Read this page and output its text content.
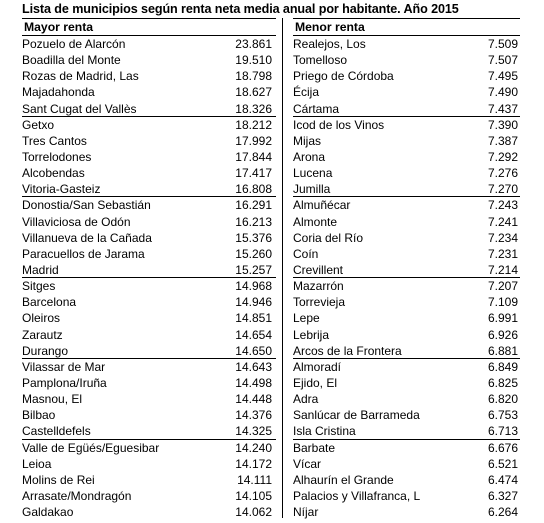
Lista de municipios según renta neta media anual por habitante. Año 2015
Mayor renta
Pozuelo de Alarcón	23.861
Boadilla del Monte	19.510
Rozas de Madrid, Las	18.798
Majadahonda	18.627
Sant Cugat del Vallès	18.326
Getxo	18.212
Tres Cantos	17.992
Torrelodones	17.844
Alcobendas	17.417
Vitoria-Gasteiz	16.808
Donostia/San Sebastián	16.291
Villaviciosa de Odón	16.213
Villanueva de la Cañada	15.376
Paracuellos de Jarama	15.260
Madrid	15.257
Sitges	14.968
Barcelona	14.946
Oleiros	14.851
Zarautz	14.654
Durango	14.650
Vilassar de Mar	14.643
Pamplona/Iruña	14.498
Masnou, El	14.448
Bilbao	14.376
Castelldefels	14.325
Valle de Egüés/Eguesibar	14.240
Leioa	14.172
Molins de Rei	14.111
Arrasate/Mondragón	14.105
Galdakao	14.062
Menor renta
Realejos, Los	7.509
Tomelloso	7.507
Priego de Córdoba	7.495
Écija	7.490
Cártama	7.437
Icod de los Vinos	7.390
Mijas	7.387
Arona	7.292
Lucena	7.276
Jumilla	7.270
Almuñécar	7.243
Almonte	7.241
Coria del Río	7.234
Coín	7.231
Crevillent	7.214
Mazarrón	7.207
Torrevieja	7.109
Lepe	6.991
Lebrija	6.926
Arcos de la Frontera	6.881
Almoradí	6.849
Ejido, El	6.825
Adra	6.820
Sanlúcar de Barrameda	6.753
Isla Cristina	6.713
Barbate	6.676
Vícar	6.521
Alhaurín el Grande	6.474
Palacios y Villafranca, L	6.327
Níjar	6.264
